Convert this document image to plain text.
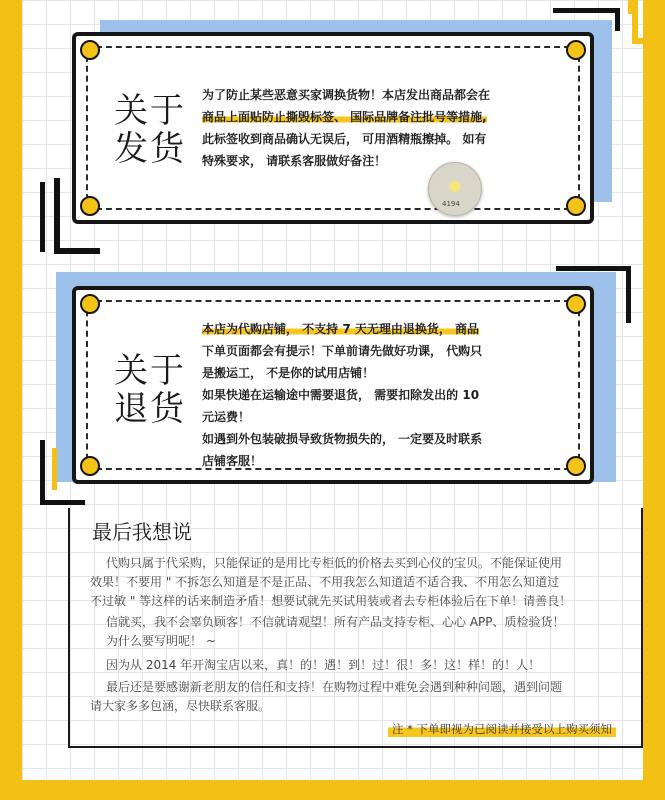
关于
发货
为了防止某些恶意买家调换货物！本店发出商品都会在
商品上面贴防止撕毁标签、 国际品牌备注批号等措施,
此标签收到商品确认无误后， 可用酒精瓶擦掉。 如有
特殊要求， 请联系客服做好备注！
4194
关于
退货
本店为代购店铺， 不支持 7 天无理由退换货， 商品
下单页面都会有提示！下单前请先做好功课， 代购只
是搬运工， 不是你的试用店铺！
如果快递在运输途中需要退货， 需要扣除发出的 10
元运费！
如遇到外包装破损导致货物损失的， 一定要及时联系
店铺客服！
最后我想说
代购只属于代采购，只能保证的是用比专柜低的价格去买到心仪的宝贝。不能保证使用
效果！不要用 " 不拆怎么知道是不是正品、不用我怎么知道适不适合我、不用怎么知道过
不过敏 " 等这样的话来制造矛盾！想要试就先买试用装或者去专柜体验后在下单！请善良！
信就买，我不会辜负顾客！不信就请观望！所有产品支持专柜、心心 APP、质检验货！
为什么要写明呢！ ~
因为从 2014 年开淘宝店以来，真！的！遇！到！过！很！多！这！样！的！人！
最后还是要感谢新老朋友的信任和支持！在购物过程中难免会遇到种种问题，遇到问题
请大家多多包涵，尽快联系客服。
注 * 下单即视为已阅读并接受以上购买须知
